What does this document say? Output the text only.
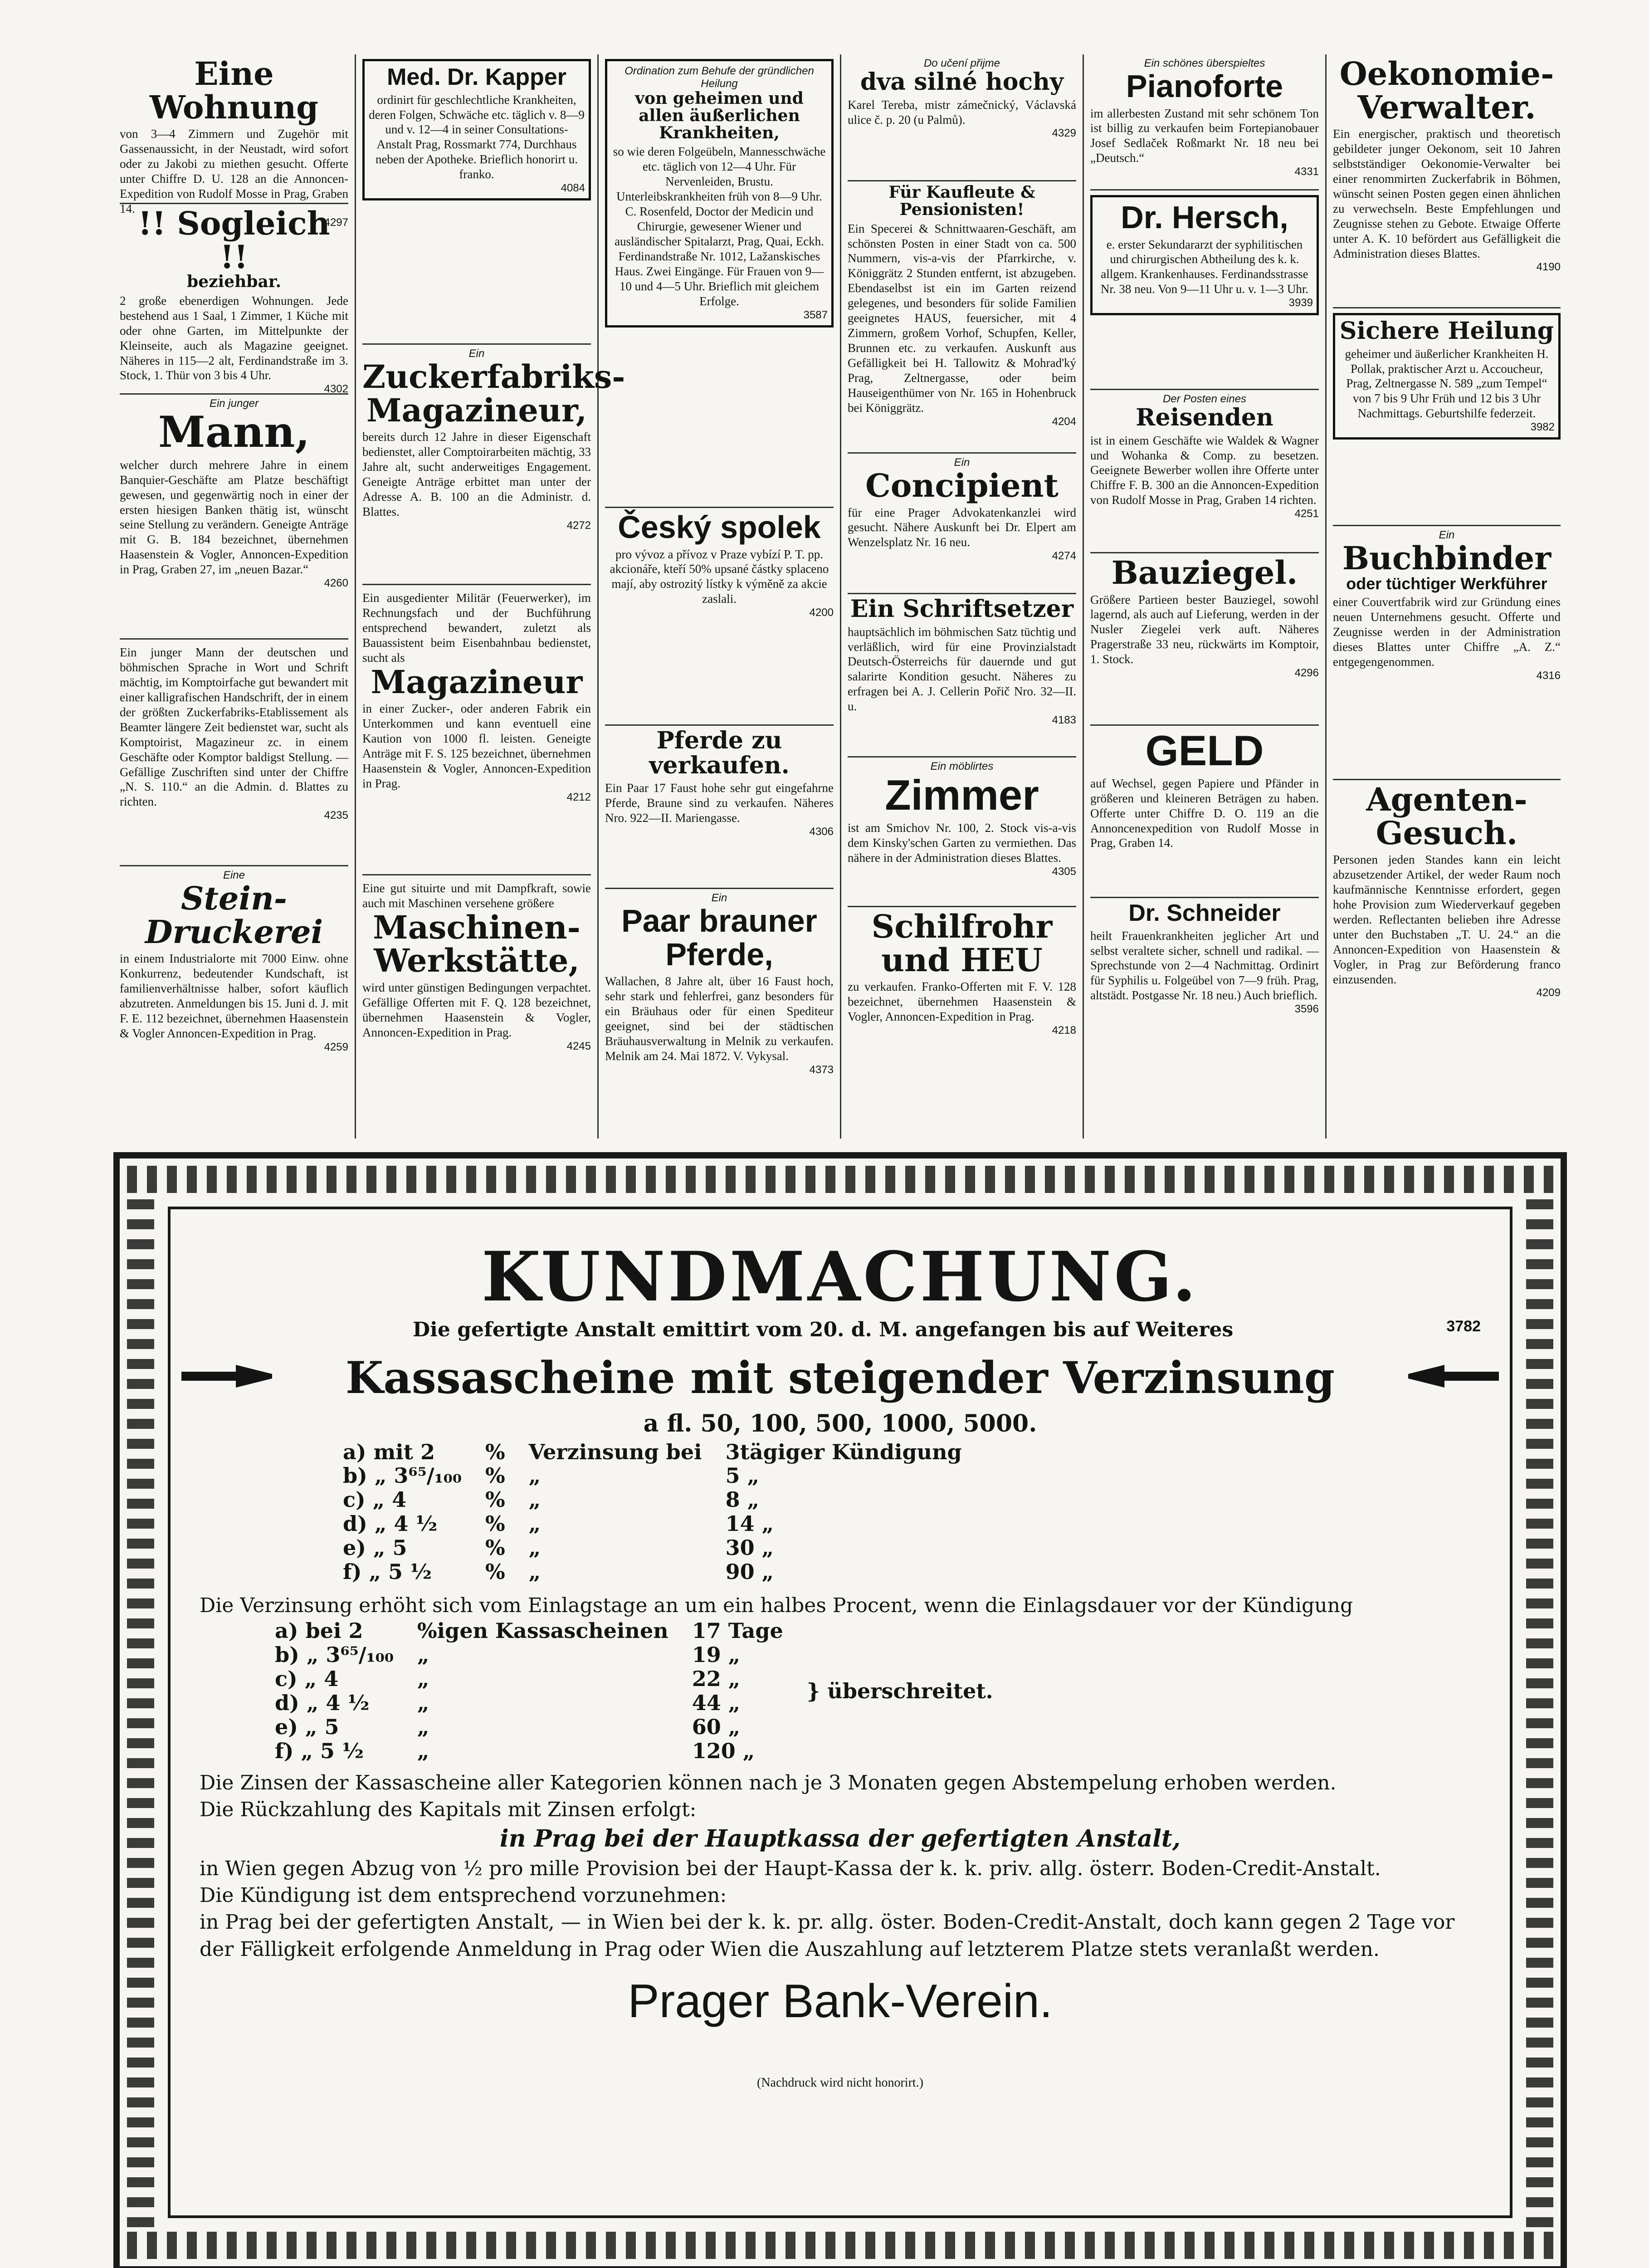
Eine Wohnung
von 3—4 Zimmern und Zugehör mit Gassenaussicht, in der Neustadt, wird sofort oder zu Jakobi zu miethen gesucht. Offerte unter Chiffre D. U. 128 an die Annoncen-Expedition von Rudolf Mosse in Prag, Graben 14.
4297
!! Sogleich !!
beziehbar.
2 große ebenerdigen Wohnungen. Jede bestehend aus 1 Saal, 1 Zimmer, 1 Küche mit oder ohne Garten, im Mittelpunkte der Kleinseite, auch als Magazine geeignet. Näheres in 115—2 alt, Ferdinandstraße im 3. Stock, 1. Thür von 3 bis 4 Uhr.
4302
Ein junger
Mann,
welcher durch mehrere Jahre in einem Banquier-Geschäfte am Platze beschäftigt gewesen, und gegenwärtig noch in einer der ersten hiesigen Banken thätig ist, wünscht seine Stellung zu verändern. Geneigte Anträge mit G. B. 184 bezeichnet, übernehmen Haasenstein & Vogler, Annoncen-Expedition in Prag, Graben 27, im „neuen Bazar.“
4260
Ein junger Mann der deutschen und böhmischen Sprache in Wort und Schrift mächtig, im Komptoirfache gut bewandert mit einer kalligrafischen Handschrift, der in einem der größten Zuckerfabriks-Etablissement als Beamter längere Zeit bedienstet war, sucht als Komptoirist, Magazineur zc. in einem Geschäfte oder Komptor baldigst Stellung. — Gefällige Zuschriften sind unter der Chiffre „N. S. 110.“ an die Admin. d. Blattes zu richten.
4235
Eine
Stein-Druckerei
in einem Industrialorte mit 7000 Einw. ohne Konkurrenz, bedeutender Kundschaft, ist familienverhältnisse halber, sofort käuflich abzutreten. Anmeldungen bis 15. Juni d. J. mit F. E. 112 bezeichnet, übernehmen Haasenstein & Vogler Annoncen-Expedition in Prag.
4259
Med. Dr. Kapper
ordinirt für geschlechtliche Krankheiten, deren Folgen, Schwäche etc. täglich v. 8—9 und v. 12—4 in seiner Consultations-Anstalt Prag, Rossmarkt 774, Durchhaus neben der Apotheke. Brieflich honorirt u. franko.
4084
Ein
Zuckerfabriks-Magazineur,
bereits durch 12 Jahre in dieser Eigenschaft bedienstet, aller Comptoirarbeiten mächtig, 33 Jahre alt, sucht anderweitiges Engagement. Geneigte Anträge erbittet man unter der Adresse A. B. 100 an die Administr. d. Blattes.
4272
Ein ausgedienter Militär (Feuerwerker), im Rechnungsfach und der Buchführung entsprechend bewandert, zuletzt als Bauassistent beim Eisenbahnbau bedienstet, sucht als
Magazineur
in einer Zucker-, oder anderen Fabrik ein Unterkommen und kann eventuell eine Kaution von 1000 fl. leisten. Geneigte Anträge mit F. S. 125 bezeichnet, übernehmen Haasenstein & Vogler, Annoncen-Expedition in Prag.
4212
Eine gut situirte und mit Dampfkraft, sowie auch mit Maschinen versehene größere
Maschinen-Werkstätte,
wird unter günstigen Bedingungen verpachtet. Gefällige Offerten mit F. Q. 128 bezeichnet, übernehmen Haasenstein & Vogler, Annoncen-Expedition in Prag.
4245
Ordination zum Behufe der gründlichen Heilung
von geheimen und allen äußerlichen Krankheiten,
so wie deren Folgeübeln, Mannesschwäche etc. täglich von 12—4 Uhr. Für Nervenleiden, Brustu. Unterleibskrankheiten früh von 8—9 Uhr. C. Rosenfeld, Doctor der Medicin und Chirurgie, gewesener Wiener und ausländischer Spitalarzt, Prag, Quai, Eckh. Ferdinandstraße Nr. 1012, Lažanskisches Haus. Zwei Eingänge. Für Frauen von 9—10 und 4—5 Uhr. Brieflich mit gleichem Erfolge.
3587
Český spolek
pro vývoz a přívoz v Praze vybízí P. T. pp. akcionáře, kteří 50% upsané částky splaceno mají, aby ostrozitý lístky k výměně za akcie zaslali.
4200
Pferde zu verkaufen.
Ein Paar 17 Faust hohe sehr gut eingefahrne Pferde, Braune sind zu verkaufen. Näheres Nro. 922—II. Mariengasse.
4306
Ein
Paar brauner Pferde,
Wallachen, 8 Jahre alt, über 16 Faust hoch, sehr stark und fehlerfrei, ganz besonders für ein Bräuhaus oder für einen Spediteur geeignet, sind bei der städtischen Bräuhausverwaltung in Melnik zu verkaufen. Melnik am 24. Mai 1872. V. Vykysal.
4373
Do učení přijme
dva silné hochy
Karel Tereba, mistr zámečnický, Václavská ulice č. p. 20 (u Palmů).
4329
Für Kaufleute & Pensionisten!
Ein Specerei & Schnittwaaren-Geschäft, am schönsten Posten in einer Stadt von ca. 500 Nummern, vis-a-vis der Pfarrkirche, v. Königgrätz 2 Stunden entfernt, ist abzugeben. Ebendaselbst ist ein im Garten reizend gelegenes, und besonders für solide Familien geeignetes HAUS, feuersicher, mit 4 Zimmern, großem Vorhof, Schupfen, Keller, Brunnen etc. zu verkaufen. Auskunft aus Gefälligkeit bei H. Tallowitz & Mohrad'ký Prag, Zeltnergasse, oder beim Hauseigenthümer von Nr. 165 in Hohenbruck bei Königgrätz.
4204
Ein
Concipient
für eine Prager Advokatenkanzlei wird gesucht. Nähere Auskunft bei Dr. Elpert am Wenzelsplatz Nr. 16 neu.
4274
Ein Schriftsetzer
hauptsächlich im böhmischen Satz tüchtig und verläßlich, wird für eine Provinzialstadt Deutsch-Österreichs für dauernde und gut salarirte Kondition gesucht. Näheres zu erfragen bei A. J. Cellerin Pořič Nro. 32—II. u.
4183
Ein möblirtes
Zimmer
ist am Smichov Nr. 100, 2. Stock vis-a-vis dem Kinsky'schen Garten zu vermiethen. Das nähere in der Administration dieses Blattes.
4305
Schilfrohr und HEU
zu verkaufen. Franko-Offerten mit F. V. 128 bezeichnet, übernehmen Haasenstein & Vogler, Annoncen-Expedition in Prag.
4218
Ein schönes überspieltes
Pianoforte
im allerbesten Zustand mit sehr schönem Ton ist billig zu verkaufen beim Fortepianobauer Josef Sedlaček Roßmarkt Nr. 18 neu bei „Deutsch.“
4331
Dr. Hersch,
e. erster Sekundararzt der syphilitischen und chirurgischen Abtheilung des k. k. allgem. Krankenhauses. Ferdinandsstrasse Nr. 38 neu. Von 9—11 Uhr u. v. 1—3 Uhr.
3939
Der Posten eines
Reisenden
ist in einem Geschäfte wie Waldek & Wagner und Wohanka & Comp. zu besetzen. Geeignete Bewerber wollen ihre Offerte unter Chiffre F. B. 300 an die Annoncen-Expedition von Rudolf Mosse in Prag, Graben 14 richten.
4251
Bauziegel.
Größere Partieen bester Bauziegel, sowohl lagernd, als auch auf Lieferung, werden in der Nusler Ziegelei verk auft. Näheres Pragerstraße 33 neu, rückwärts im Komptoir, 1. Stock.
4296
GELD
auf Wechsel, gegen Papiere und Pfänder in größeren und kleineren Beträgen zu haben. Offerte unter Chiffre D. O. 119 an die Annoncenexpedition von Rudolf Mosse in Prag, Graben 14.
Dr. Schneider
heilt Frauenkrankheiten jeglicher Art und selbst veraltete sicher, schnell und radikal. — Sprechstunde von 2—4 Nachmittag. Ordinirt für Syphilis u. Folgeübel von 7—9 früh. Prag, altstädt. Postgasse Nr. 18 neu.) Auch brieflich.
3596
Oekonomie-Verwalter.
Ein energischer, praktisch und theoretisch gebildeter junger Oekonom, seit 10 Jahren selbstständiger Oekonomie-Verwalter bei einer renommirten Zuckerfabrik in Böhmen, wünscht seinen Posten gegen einen ähnlichen zu verwechseln. Beste Empfehlungen und Zeugnisse stehen zu Gebote. Etwaige Offerte unter A. K. 10 befördert aus Gefälligkeit die Administration dieses Blattes.
4190
Sichere Heilung
geheimer und äußerlicher Krankheiten H. Pollak, praktischer Arzt u. Accoucheur, Prag, Zeltnergasse N. 589 „zum Tempel“ von 7 bis 9 Uhr Früh und 12 bis 3 Uhr Nachmittags. Geburtshilfe federzeit.
3982
Ein
Buchbinder
oder tüchtiger Werkführer
einer Couvertfabrik wird zur Gründung eines neuen Unternehmens gesucht. Offerte und Zeugnisse werden in der Administration dieses Blattes unter Chiffre „A. Z.“ entgegengenommen.
4316
Agenten-Gesuch.
Personen jeden Standes kann ein leicht abzusetzender Artikel, der weder Raum noch kaufmännische Kenntnisse erfordert, gegen hohe Provision zum Wiederverkauf gegeben werden. Reflectanten belieben ihre Adresse unter den Buchstaben „T. U. 24.“ an die Annoncen-Expedition von Haasenstein & Vogler, in Prag zur Beförderung franco einzusenden.
4209

KUNDMACHUNG.

Die gefertigte Anstalt emittirt vom 20. d. M. angefangen bis auf Weiteres	3782

Kassascheine mit steigender Verzinsung

a fl. 50, 100, 500, 1000, 5000.

a) mit 2	%	Verzinsung bei	3tägiger Kündigung
b) „ 3⁶⁵/₁₀₀	%	„	5 „
c) „ 4	%	„	8 „
d) „ 4 ½	%	„	14 „
e) „ 5	%	„	30 „
f) „ 5 ½	%	„	90 „

Die Verzinsung erhöht sich vom Einlagstage an um ein halbes Procent, wenn die Einlagsdauer vor der Kündigung

a) bei 2	%igen Kassascheinen	17 Tage	} überschreitet.
b) „ 3⁶⁵/₁₀₀	„	19 „	
c) „ 4	„	22 „	
d) „ 4 ½	„	44 „	
e) „ 5	„	60 „	
f) „ 5 ½	„	120 „	

Die Zinsen der Kassascheine aller Kategorien können nach je 3 Monaten gegen Abstempelung erhoben werden.

Die Rückzahlung des Kapitals mit Zinsen erfolgt:

in Prag bei der Hauptkassa der gefertigten Anstalt,

in Wien gegen Abzug von ½ pro mille Provision bei der Haupt-Kassa der k. k. priv. allg. österr. Boden-Credit-Anstalt.

Die Kündigung ist dem entsprechend vorzunehmen:

in Prag bei der gefertigten Anstalt, — in Wien bei der k. k. pr. allg. öster. Boden-Credit-Anstalt, doch kann gegen 2 Tage vor der Fälligkeit erfolgende Anmeldung in Prag oder Wien die Auszahlung auf letzterem Platze stets veranlaßt werden.

Prager Bank-Verein.

(Nachdruck wird nicht honorirt.)
